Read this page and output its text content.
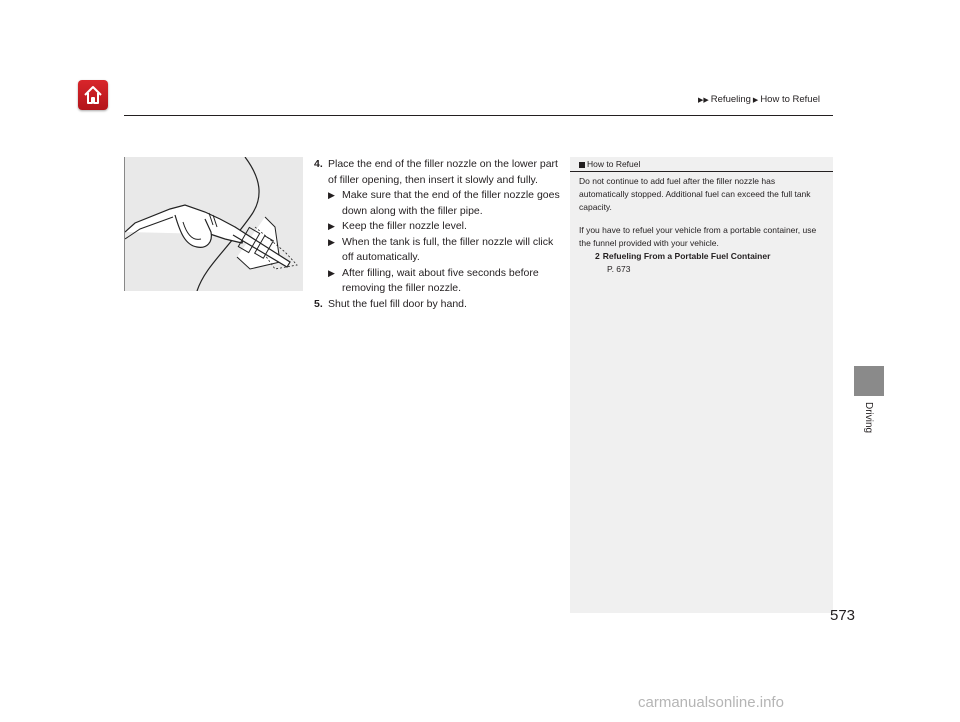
▶▶ Refueling ▶ How to Refuel
4. Place the end of the filler nozzle on the lower part of filler opening, then insert it slowly and fully.
▶ Make sure that the end of the filler nozzle goes down along with the filler pipe.
▶ Keep the filler nozzle level.
▶ When the tank is full, the filler nozzle will click off automatically.
▶ After filling, wait about five seconds before removing the filler nozzle.
5. Shut the fuel fill door by hand.
How to Refuel

Do not continue to add fuel after the filler nozzle has automatically stopped. Additional fuel can exceed the full tank capacity.

If you have to refuel your vehicle from a portable container, use the funnel provided with your vehicle.

2 Refueling From a Portable Fuel Container
P. 673
Driving
573
carmanualsonline.info
